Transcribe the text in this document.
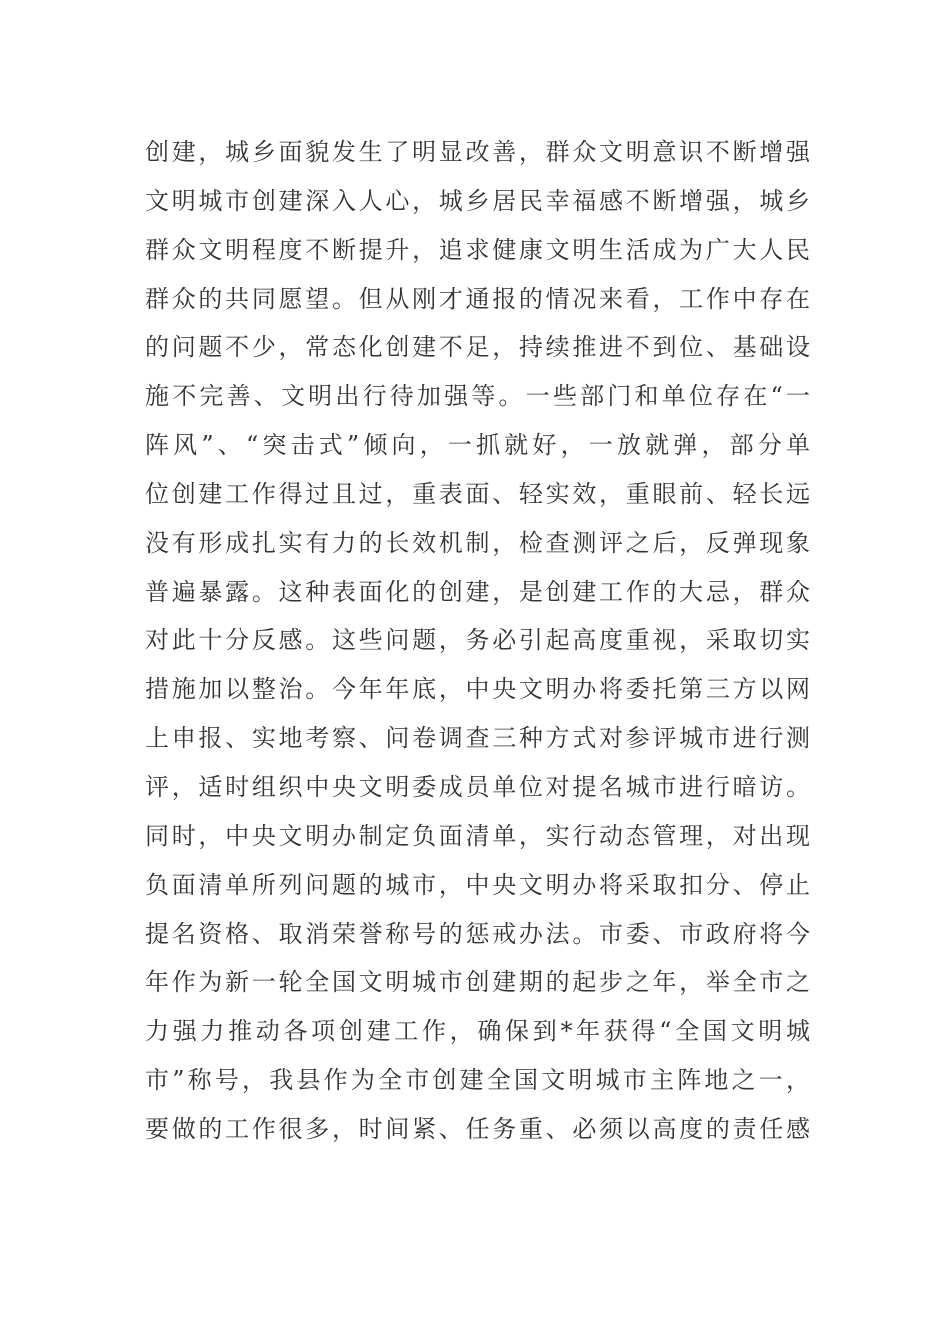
创建，城乡面貌发生了明显改善，群众文明意识不断增强
文明城市创建深入人心，城乡居民幸福感不断增强，城乡
群众文明程度不断提升，追求健康文明生活成为广大人民
群众的共同愿望。但从刚才通报的情况来看，工作中存在
的问题不少，常态化创建不足，持续推进不到位、基础设
施不完善、文明出行待加强等。一些部门和单位存在“一
阵风”、“突击式”倾向，一抓就好，一放就弹，部分单
位创建工作得过且过，重表面、轻实效，重眼前、轻长远
没有形成扎实有力的长效机制，检查测评之后，反弹现象
普遍暴露。这种表面化的创建，是创建工作的大忌，群众
对此十分反感。这些问题，务必引起高度重视，采取切实
措施加以整治。今年年底，中央文明办将委托第三方以网
上申报、实地考察、问卷调查三种方式对参评城市进行测
评，适时组织中央文明委成员单位对提名城市进行暗访。
同时，中央文明办制定负面清单，实行动态管理，对出现
负面清单所列问题的城市，中央文明办将采取扣分、停止
提名资格、取消荣誉称号的惩戒办法。市委、市政府将今
年作为新一轮全国文明城市创建期的起步之年，举全市之
力强力推动各项创建工作，确保到*年获得“全国文明城
市”称号，我县作为全市创建全国文明城市主阵地之一，
要做的工作很多，时间紧、任务重、必须以高度的责任感
